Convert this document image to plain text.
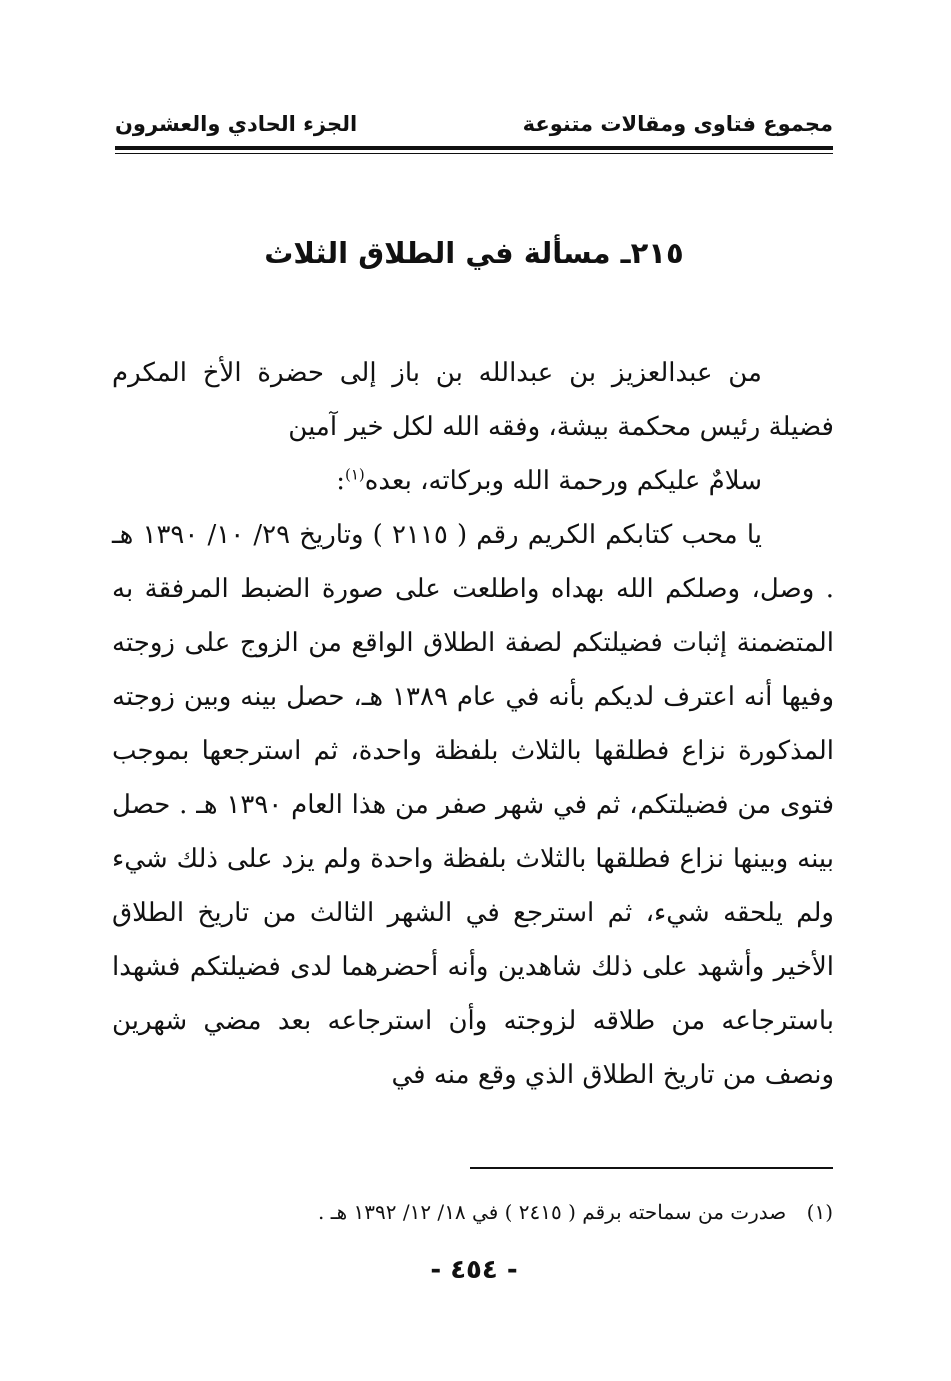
مجموع فتاوى ومقالات متنوعة
الجزء الحادي والعشرون
٢١٥ـ مسألة في الطلاق الثلاث

من عبدالعزيز بن عبدالله بن باز إلى حضرة الأخ المكرم فضيلة رئيس محكمة بيشة، وفقه الله لكل خير آمين

سلامٌ عليكم ورحمة الله وبركاته، بعده$^{(١)}$:

يا محب كتابكم الكريم رقم ( ٢١١٥ ) وتاريخ ٢٩/ ١٠/ ١٣٩٠ هـ . وصل، وصلكم الله بهداه واطلعت على صورة الضبط المرفقة به المتضمنة إثبات فضيلتكم لصفة الطلاق الواقع من الزوج على زوجته وفيها أنه اعترف لديكم بأنه في عام ١٣٨٩ هـ، حصل بينه وبين زوجته المذكورة نزاع فطلقها بالثلاث بلفظة واحدة، ثم استرجعها بموجب فتوى من فضيلتكم، ثم في شهر صفر من هذا العام ١٣٩٠ هـ . حصل بينه وبينها نزاع فطلقها بالثلاث بلفظة واحدة ولم يزد على ذلك شيء ولم يلحقه شيء، ثم استرجع في الشهر الثالث من تاريخ الطلاق الأخير وأشهد على ذلك شاهدين وأنه أحضرهما لدى فضيلتكم فشهدا باسترجاعه من طلاقه لزوجته وأن استرجاعه بعد مضي شهرين ونصف من تاريخ الطلاق الذي وقع منه في

(١) صدرت من سماحته برقم ( ٢٤١٥ ) في ١٨/ ١٢/ ١٣٩٢ هـ .
- ٤٥٤ -
